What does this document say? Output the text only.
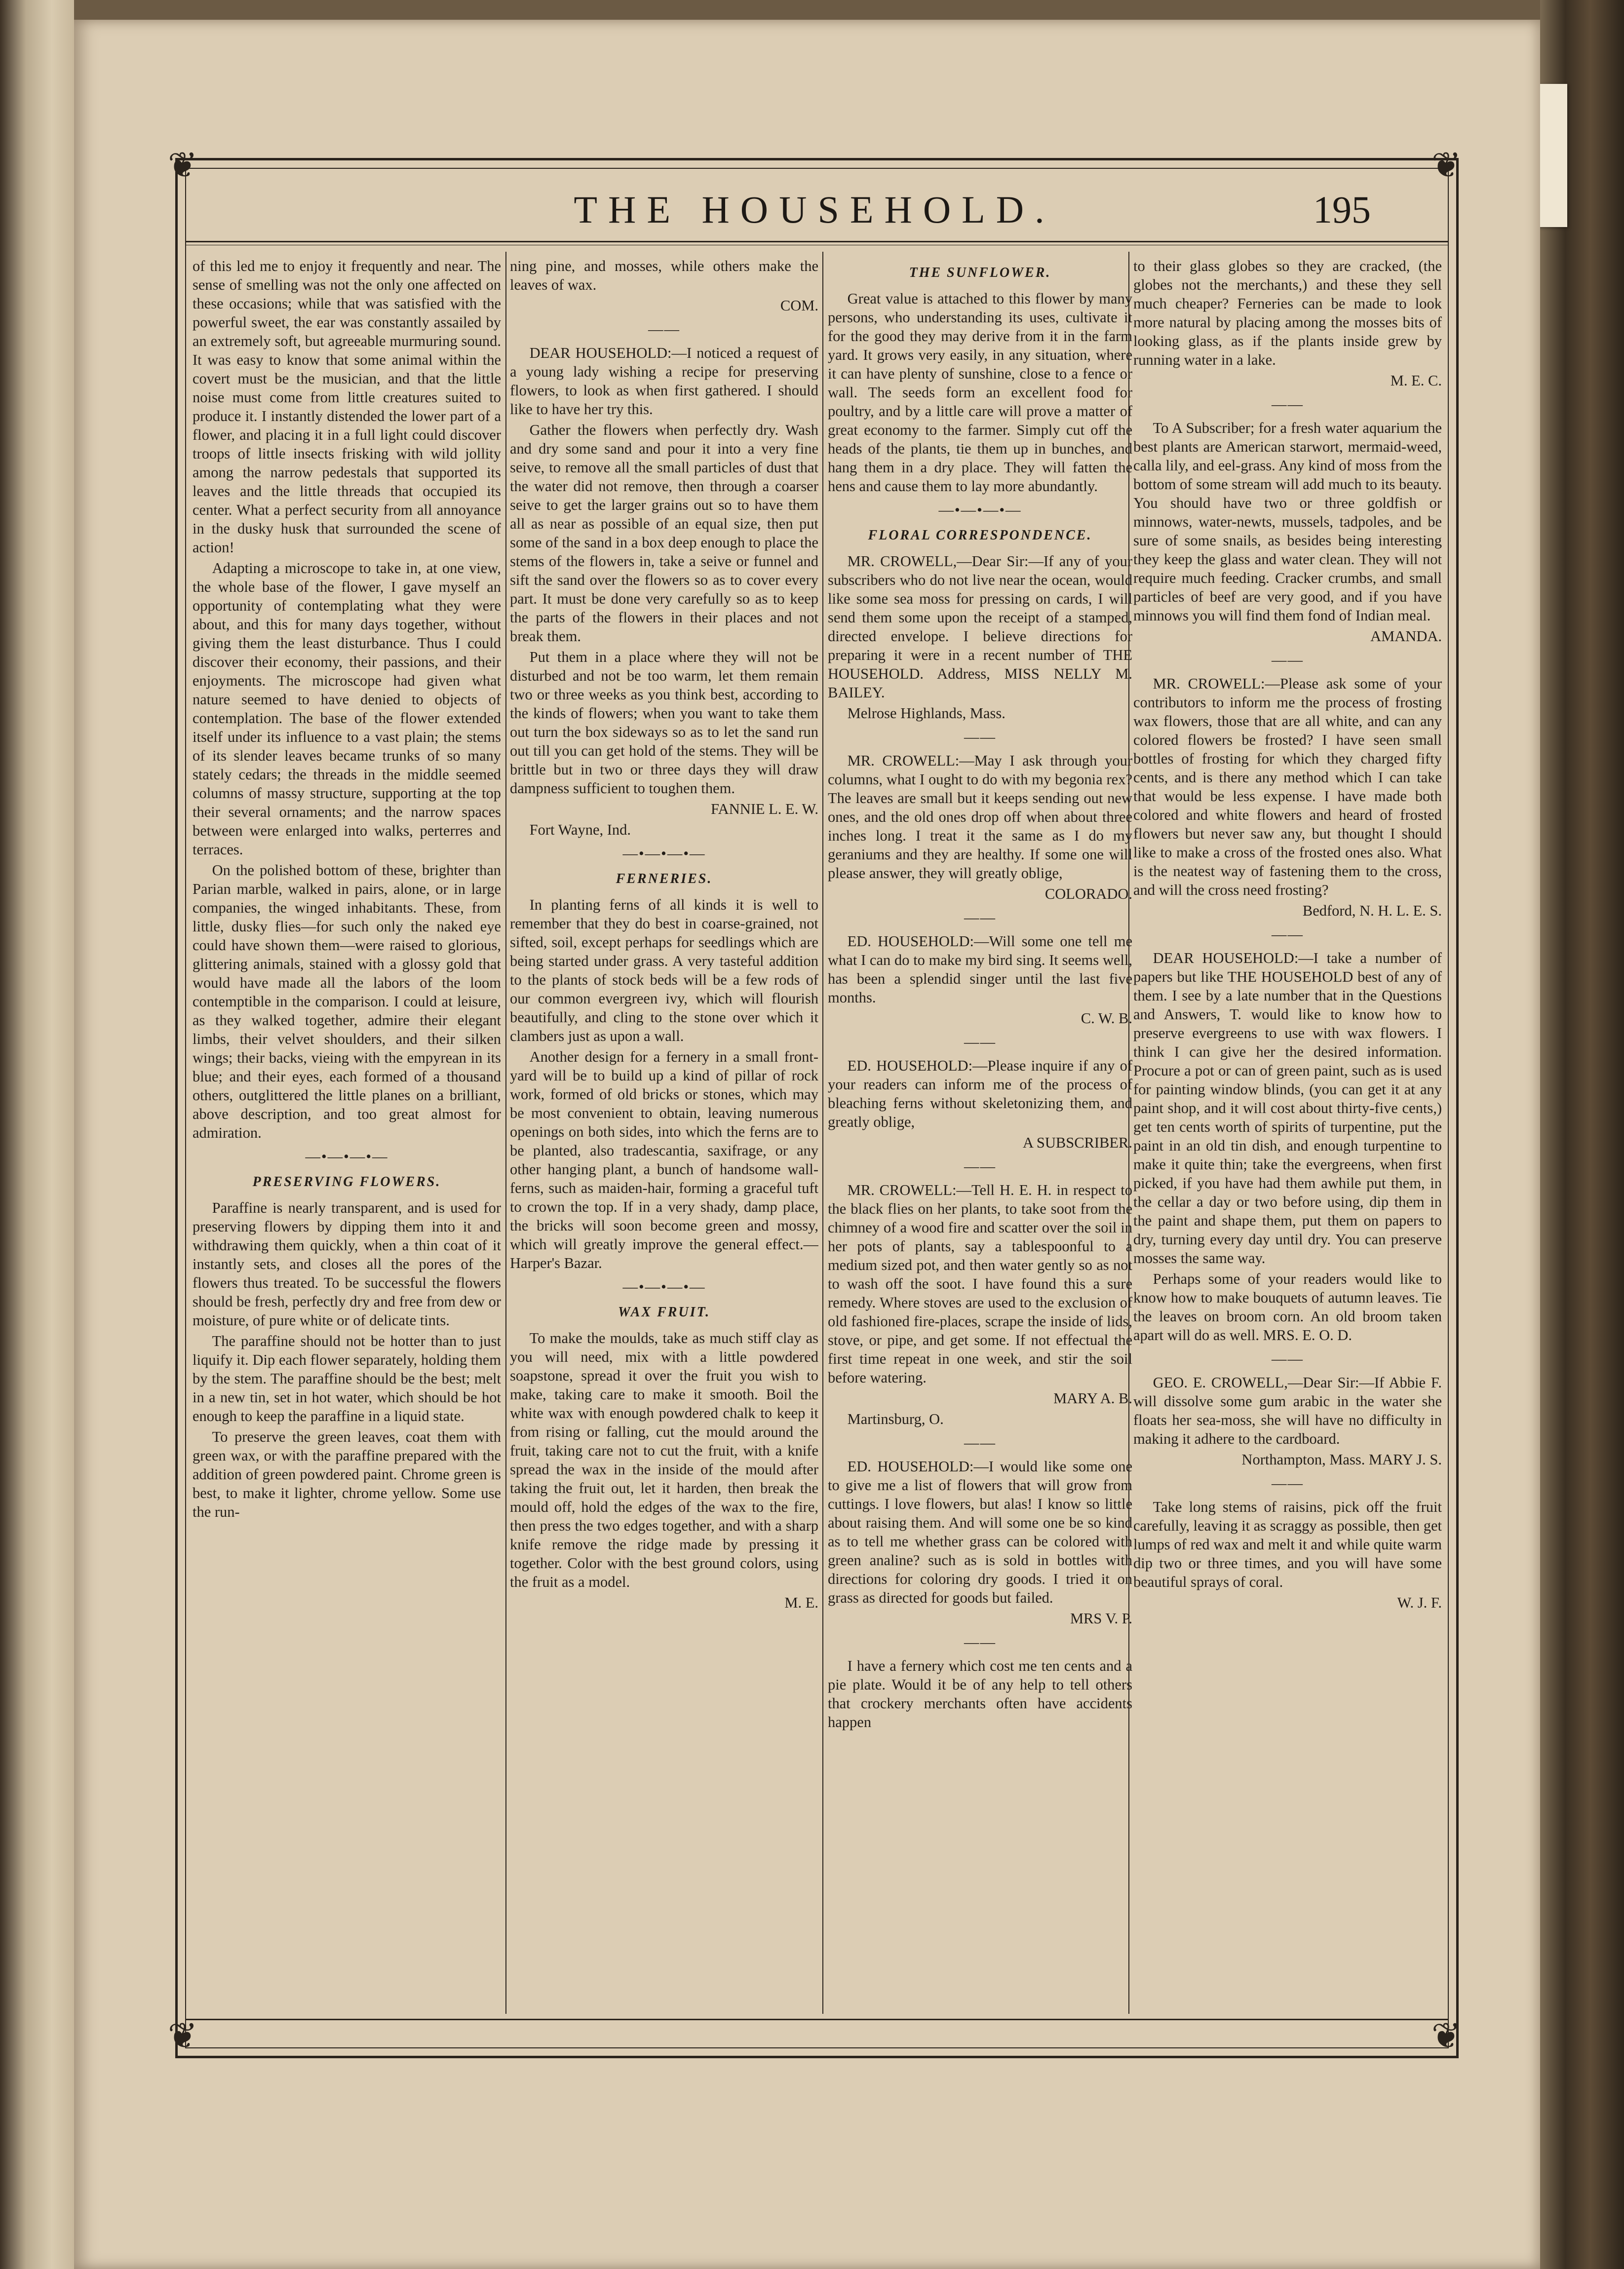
❦	❦
❦	❦
THE HOUSEHOLD.	195

of this led me to enjoy it frequently and near. The sense of smelling was not the only one affected on these occasions; while that was satisfied with the powerful sweet, the ear was constantly assailed by an extremely soft, but agreeable murmuring sound. It was easy to know that some animal within the covert must be the musician, and that the little noise must come from little creatures suited to produce it. I instantly distended the lower part of a flower, and placing it in a full light could discover troops of little insects frisking with wild jollity among the narrow pedestals that supported its leaves and the little threads that occupied its center. What a perfect security from all annoyance in the dusky husk that surrounded the scene of action!

Adapting a microscope to take in, at one view, the whole base of the flower, I gave myself an opportunity of contemplating what they were about, and this for many days together, without giving them the least disturbance. Thus I could discover their economy, their passions, and their enjoyments. The microscope had given what nature seemed to have denied to objects of contemplation. The base of the flower extended itself under its influence to a vast plain; the stems of its slender leaves became trunks of so many stately cedars; the threads in the middle seemed columns of massy structure, supporting at the top their several ornaments; and the narrow spaces between were enlarged into walks, perterres and terraces.

On the polished bottom of these, brighter than Parian marble, walked in pairs, alone, or in large companies, the winged inhabitants. These, from little, dusky flies—for such only the naked eye could have shown them—were raised to glorious, glittering animals, stained with a glossy gold that would have made all the labors of the loom contemptible in the comparison. I could at leisure, as they walked together, admire their elegant limbs, their velvet shoulders, and their silken wings; their backs, vieing with the empyrean in its blue; and their eyes, each formed of a thousand others, outglittered the little planes on a brilliant, above description, and too great almost for admiration.

—•—•—•—
PRESERVING FLOWERS.

Paraffine is nearly transparent, and is used for preserving flowers by dipping them into it and withdrawing them quickly, when a thin coat of it instantly sets, and closes all the pores of the flowers thus treated. To be successful the flowers should be fresh, perfectly dry and free from dew or moisture, of pure white or of delicate tints.

The paraffine should not be hotter than to just liquify it. Dip each flower separately, holding them by the stem. The paraffine should be the best; melt in a new tin, set in hot water, which should be hot enough to keep the paraffine in a liquid state.

To preserve the green leaves, coat them with green wax, or with the paraffine prepared with the addition of green powdered paint. Chrome green is best, to make it lighter, chrome yellow. Some use the run-

ning pine, and mosses, while others make the leaves of wax.

COM.
——

DEAR HOUSEHOLD:—I noticed a request of a young lady wishing a recipe for preserving flowers, to look as when first gathered. I should like to have her try this.

Gather the flowers when perfectly dry. Wash and dry some sand and pour it into a very fine seive, to remove all the small particles of dust that the water did not remove, then through a coarser seive to get the larger grains out so to have them all as near as possible of an equal size, then put some of the sand in a box deep enough to place the stems of the flowers in, take a seive or funnel and sift the sand over the flowers so as to cover every part. It must be done very carefully so as to keep the parts of the flowers in their places and not break them.

Put them in a place where they will not be disturbed and not be too warm, let them remain two or three weeks as you think best, according to the kinds of flowers; when you want to take them out turn the box sideways so as to let the sand run out till you can get hold of the stems. They will be brittle but in two or three days they will draw dampness sufficient to toughen them.

FANNIE L. E. W.

Fort Wayne, Ind.

—•—•—•—
FERNERIES.

In planting ferns of all kinds it is well to remember that they do best in coarse-grained, not sifted, soil, except perhaps for seedlings which are being started under grass. A very tasteful addition to the plants of stock beds will be a few rods of our common evergreen ivy, which will flourish beautifully, and cling to the stone over which it clambers just as upon a wall.

Another design for a fernery in a small front-yard will be to build up a kind of pillar of rock work, formed of old bricks or stones, which may be most convenient to obtain, leaving numerous openings on both sides, into which the ferns are to be planted, also tradescantia, saxifrage, or any other hanging plant, a bunch of handsome wall-ferns, such as maiden-hair, forming a graceful tuft to crown the top. If in a very shady, damp place, the bricks will soon become green and mossy, which will greatly improve the general effect.—Harper's Bazar.

—•—•—•—
WAX FRUIT.

To make the moulds, take as much stiff clay as you will need, mix with a little powdered soapstone, spread it over the fruit you wish to make, taking care to make it smooth. Boil the white wax with enough powdered chalk to keep it from rising or falling, cut the mould around the fruit, taking care not to cut the fruit, with a knife spread the wax in the inside of the mould after taking the fruit out, let it harden, then break the mould off, hold the edges of the wax to the fire, then press the two edges together, and with a sharp knife remove the ridge made by pressing it together. Color with the best ground colors, using the fruit as a model.

M. E.
THE SUNFLOWER.

Great value is attached to this flower by many persons, who understanding its uses, cultivate it for the good they may derive from it in the farm yard. It grows very easily, in any situation, where it can have plenty of sunshine, close to a fence or wall. The seeds form an excellent food for poultry, and by a little care will prove a matter of great economy to the farmer. Simply cut off the heads of the plants, tie them up in bunches, and hang them in a dry place. They will fatten the hens and cause them to lay more abundantly.

—•—•—•—
FLORAL CORRESPONDENCE.

MR. CROWELL,—Dear Sir:—If any of your subscribers who do not live near the ocean, would like some sea moss for pressing on cards, I will send them some upon the receipt of a stamped, directed envelope. I believe directions for preparing it were in a recent number of THE HOUSEHOLD. Address, MISS NELLY M. BAILEY.

Melrose Highlands, Mass.

——

MR. CROWELL:—May I ask through your columns, what I ought to do with my begonia rex? The leaves are small but it keeps sending out new ones, and the old ones drop off when about three inches long. I treat it the same as I do my geraniums and they are healthy. If some one will please answer, they will greatly oblige,

COLORADO.
——

ED. HOUSEHOLD:—Will some one tell me what I can do to make my bird sing. It seems well, has been a splendid singer until the last five months.

C. W. B.
——

ED. HOUSEHOLD:—Please inquire if any of your readers can inform me of the process of bleaching ferns without skeletonizing them, and greatly oblige,

A SUBSCRIBER.
——

MR. CROWELL:—Tell H. E. H. in respect to the black flies on her plants, to take soot from the chimney of a wood fire and scatter over the soil in her pots of plants, say a tablespoonful to a medium sized pot, and then water gently so as not to wash off the soot. I have found this a sure remedy. Where stoves are used to the exclusion of old fashioned fire-places, scrape the inside of lids, stove, or pipe, and get some. If not effectual the first time repeat in one week, and stir the soil before watering.

MARY A. B.

Martinsburg, O.

——

ED. HOUSEHOLD:—I would like some one to give me a list of flowers that will grow from cuttings. I love flowers, but alas! I know so little about raising them. And will some one be so kind as to tell me whether grass can be colored with green analine? such as is sold in bottles with directions for coloring dry goods. I tried it on grass as directed for goods but failed.

MRS V. P.
——

I have a fernery which cost me ten cents and a pie plate. Would it be of any help to tell others that crockery merchants often have accidents happen

to their glass globes so they are cracked, (the globes not the merchants,) and these they sell much cheaper? Ferneries can be made to look more natural by placing among the mosses bits of looking glass, as if the plants inside grew by running water in a lake.

M. E. C.
——

To A Subscriber; for a fresh water aquarium the best plants are American starwort, mermaid-weed, calla lily, and eel-grass. Any kind of moss from the bottom of some stream will add much to its beauty. You should have two or three goldfish or minnows, water-newts, mussels, tadpoles, and be sure of some snails, as besides being interesting they keep the glass and water clean. They will not require much feeding. Cracker crumbs, and small particles of beef are very good, and if you have minnows you will find them fond of Indian meal.

AMANDA.
——

MR. CROWELL:—Please ask some of your contributors to inform me the process of frosting wax flowers, those that are all white, and can any colored flowers be frosted? I have seen small bottles of frosting for which they charged fifty cents, and is there any method which I can take that would be less expense. I have made both colored and white flowers and heard of frosted flowers but never saw any, but thought I should like to make a cross of the frosted ones also. What is the neatest way of fastening them to the cross, and will the cross need frosting?

Bedford, N. H. L. E. S.
——

DEAR HOUSEHOLD:—I take a number of papers but like THE HOUSEHOLD best of any of them. I see by a late number that in the Questions and Answers, T. would like to know how to preserve evergreens to use with wax flowers. I think I can give her the desired information. Procure a pot or can of green paint, such as is used for painting window blinds, (you can get it at any paint shop, and it will cost about thirty-five cents,) get ten cents worth of spirits of turpentine, put the paint in an old tin dish, and enough turpentine to make it quite thin; take the evergreens, when first picked, if you have had them awhile put them, in the cellar a day or two before using, dip them in the paint and shape them, put them on papers to dry, turning every day until dry. You can preserve mosses the same way.

Perhaps some of your readers would like to know how to make bouquets of autumn leaves. Tie the leaves on broom corn. An old broom taken apart will do as well. MRS. E. O. D.

——

GEO. E. CROWELL,—Dear Sir:—If Abbie F. will dissolve some gum arabic in the water she floats her sea-moss, she will have no difficulty in making it adhere to the cardboard.

Northampton, Mass. MARY J. S.
——

Take long stems of raisins, pick off the fruit carefully, leaving it as scraggy as possible, then get lumps of red wax and melt it and while quite warm dip two or three times, and you will have some beautiful sprays of coral.

W. J. F.
